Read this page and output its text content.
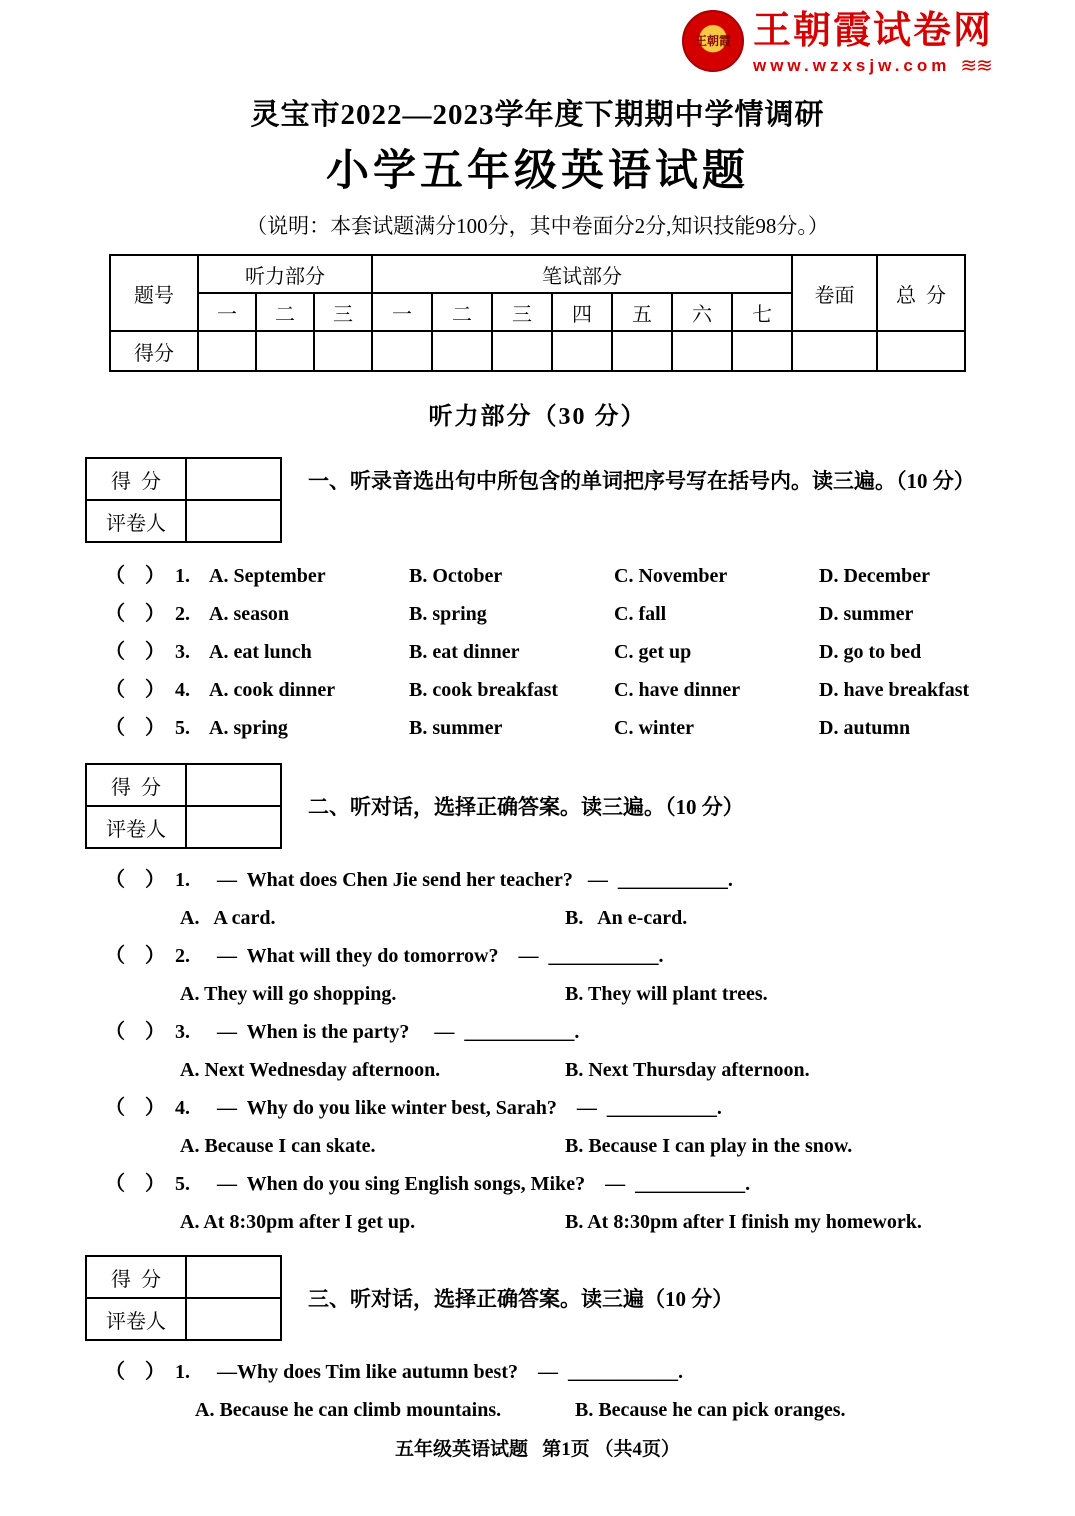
王朝霞 王朝霞试卷网
www.wzxsjw.com ≋≋
灵宝市2022—2023学年度下期期中学情调研
小学五年级英语试题
（说明：本套试题满分100分，其中卷面分2分,知识技能98分。）
题号	听力部分			笔试部分							卷面	总  分
	一	二	三	一	二	三	四	五	六	七		
得分												
听力部分（30 分）
得  分	
评卷人	
一、听录音选出句中所包含的单词把序号写在括号内。读三遍。（10 分）
（    ） 1. A. September	B. October	C. November	D. December
（    ） 2. A. season	B. spring	C. fall	D. summer
（    ） 3. A. eat lunch	B. eat dinner	C. get up	D. go to bed
（    ） 4. A. cook dinner	B. cook breakfast	C. have dinner	D. have breakfast
（    ） 5. A. spring	B. summer	C. winter	D. autumn
得  分	
评卷人	
二、听对话，选择正确答案。读三遍。（10 分）
（    ） 1.	—  What does Chen Jie send her teacher?   —  ___________.
A.   A card.	B.   An e-card.
（    ） 2.	—  What will they do tomorrow?    —  ___________.
A. They will go shopping.	B. They will plant trees.
（    ） 3.	—  When is the party?     —  ___________.
A. Next Wednesday afternoon.	B. Next Thursday afternoon.
（    ） 4.	—  Why do you like winter best, Sarah?    —  ___________.
A. Because I can skate.	B. Because I can play in the snow.
（    ） 5.	—  When do you sing English songs, Mike?    —  ___________.
A. At 8:30pm after I get up.	B. At 8:30pm after I finish my homework.
得  分	
评卷人	
三、听对话，选择正确答案。读三遍（10 分）
（    ） 1.	—Why does Tim like autumn best?    —  ___________.
A. Because he can climb mountains.	B. Because he can pick oranges.
五年级英语试题   第1页 （共4页）
